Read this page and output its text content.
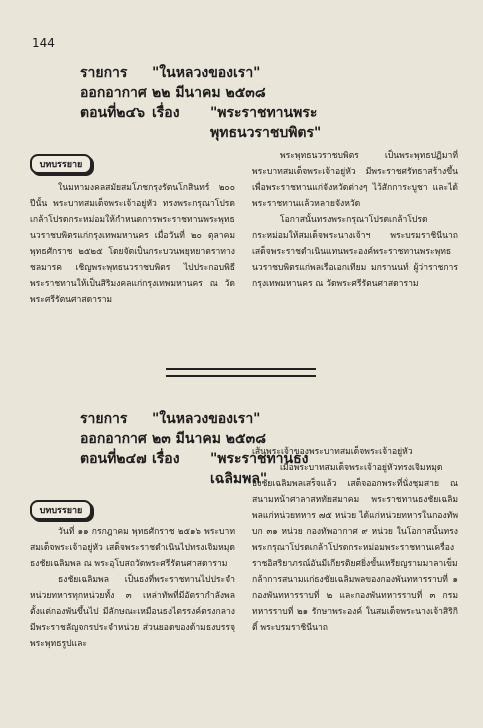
144
รายการ	"ในหลวงของเรา"
ออกอากาศ ๒๒ มีนาคม ๒๕๓๘
ตอนที่๒๔๖ เรื่อง	"พระราชทานพระ
พุทธนวราชบพิตร"
บทบรรยาย

ในมหามงคลสมัยสมโภชกรุงรัตนโกสินทร์ ๒๐๐ ปีนั้น พระบาทสมเด็จพระเจ้าอยู่หัว ทรงพระกรุณาโปรดเกล้าโปรดกระหม่อมให้กำหนดการพระราชทานพระพุทธนวราชบพิตรแก่กรุงเทพมหานคร เมื่อวันที่ ๒๐ ตุลาคม พุทธศักราช ๒๕๒๕ โดยจัดเป็นกระบวนพยุหยาตราทางชลมารค เชิญพระพุทธนวราชบพิตร ไปประกอบพิธีพระราชทานให้เป็นสิริมงคลแก่กรุงเทพมหานคร ณ วัดพระศรีรัตนศาสดาราม

พระพุทธนวราชบพิตร เป็นพระพุทธปฏิมาที่พระบาทสมเด็จพระเจ้าอยู่หัว มีพระราชศรัทธาสร้างขึ้นเพื่อพระราชทานแก่จังหวัดต่างๆ ไว้สักการะบูชา และได้พระราชทานแล้วหลายจังหวัด

โอกาสนั้นทรงพระกรุณาโปรดเกล้าโปรดกระหม่อมให้สมเด็จพระนางเจ้าฯ พระบรมราชินีนาถ เสด็จพระราชดำเนินแทนพระองค์พระราชทานพระพุทธนวราชบพิตรแก่พลเรือเอกเทียม มกรานนท์ ผู้ว่าราชการกรุงเทพมหานคร ณ วัดพระศรีรัตนศาสดาราม

รายการ	"ในหลวงของเรา"
ออกอากาศ ๒๓ มีนาคม ๒๕๓๘
ตอนที่๒๔๗ เรื่อง	"พระราชทานธง
เฉลิมพล"
บทบรรยาย

วันที่ ๑๑ กรกฎาคม พุทธศักราช ๒๕๑๖ พระบาทสมเด็จพระเจ้าอยู่หัว เสด็จพระราชดำเนินไปทรงเจิมหมุดธงชัยเฉลิมพล ณ พระอุโบสถวัดพระศรีรัตนศาสดาราม

ธงชัยเฉลิมพล เป็นธงที่พระราชทานไปประจำหน่วยทหารทุกหน่วยทั้ง ๓ เหล่าทัพที่มีอัตรากำลังพลตั้งแต่กองพันขึ้นไป มีลักษณะเหมือนธงไตรรงค์ตรงกลางมีพระราชลัญจกรประจำหน่วย ส่วนยอดของด้ามธงบรรจุพระพุทธรูปและ

เส้นพระเจ้าของพระบาทสมเด็จพระเจ้าอยู่หัว

เมื่อพระบาทสมเด็จพระเจ้าอยู่หัวทรงเจิมหมุดธงชัยเฉลิมพลเสร็จแล้ว เสด็จออกพระที่นั่งชุมสาย ณ สนามหน้าศาลาสหทัยสมาคม พระราชทานธงชัยเฉลิมพลแก่หน่วยทหาร ๗๕ หน่วย ได้แก่หน่วยทหารในกองทัพบก ๓๑ หน่วย กองทัพอากาศ ๙ หน่วย ในโอกาสนั้นทรงพระกรุณาโปรดเกล้าโปรดกระหม่อมพระราชทานเครื่องราชอิสริยาภรณ์อันมีเกียรติยศยิ่งขั้นเหรียญรามมาลาเข็มกล้าการสนามแก่ธงชัยเฉลิมพลของกองพันทหารราบที่ ๑ กองพันทหารราบที่ ๒ และกองพันทหารราบที่ ๓ กรมทหารราบที่ ๒๑ รักษาพระองค์ ในสมเด็จพระนางเจ้าสิริกิติ์ พระบรมราชินีนาถ
